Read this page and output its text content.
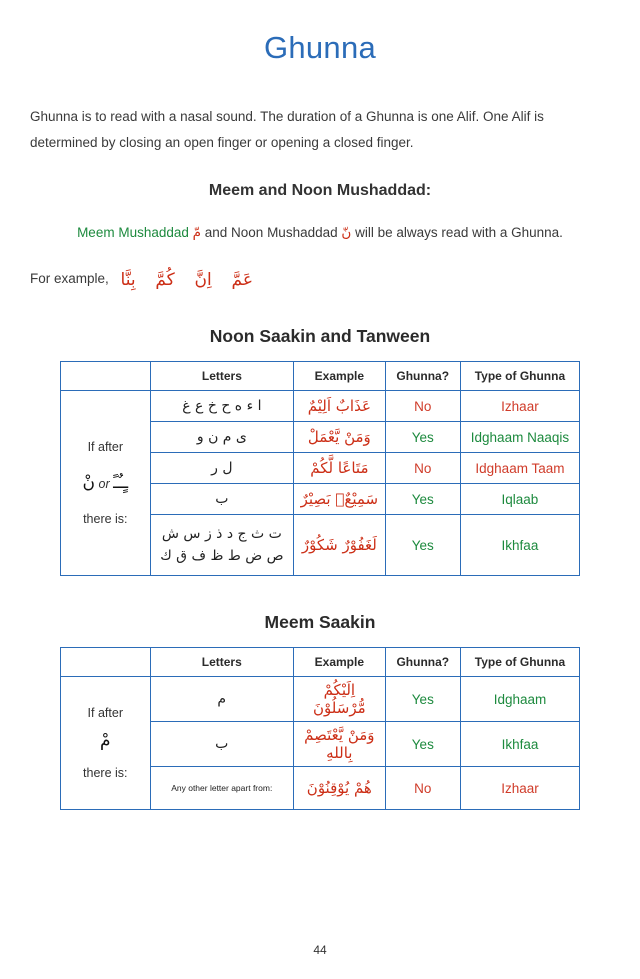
Ghunna

Ghunna is to read with a nasal sound. The duration of a Ghunna is one Alif. One Alif is determined by closing an open finger or opening a closed finger.

Meem and Noon Mushaddad:
Meem Mushaddad مّ and Noon Mushaddad نّ will be always read with a Ghunna.
For example,	عَمَّ اِنَّ كُمَّ بِنَّا
Noon Saakin and Tanween
	Letters	Example	Ghunna?	Type of Ghunna

If after
نْ or ـٍـٌـً
there is:	ا ء ه ح خ ع غ	عَذَابٌ اَلِيْمٌ	No	Izhaar
	ى م ن و	وَمَنْ يَّعْمَلْ	Yes	Idghaam Naaqis
	ل ر	مَتَاعًا لَّكُمْ	No	Idghaam Taam
	ب	سَمِيْعٌۢ بَصِيْرٌ	Yes	Iqlaab
	ت ث ج د ذ ز س ش ص ض ط ظ ف ق ك	لَغَفُوْرٌ شَكُوْرٌ	Yes	Ikhfaa
Meem Saakin
	Letters	Example	Ghunna?	Type of Ghunna

If after
مْ
there is:	م	اِلَيْكُمْ مُّرْسَلُوْنَ	Yes	Idghaam
	ب	وَمَنْ يَّعْتَصِمْ بِاللهِ	Yes	Ikhfaa
	Any other letter apart from:	هُمْ يُوْقِنُوْنَ	No	Izhaar
44
